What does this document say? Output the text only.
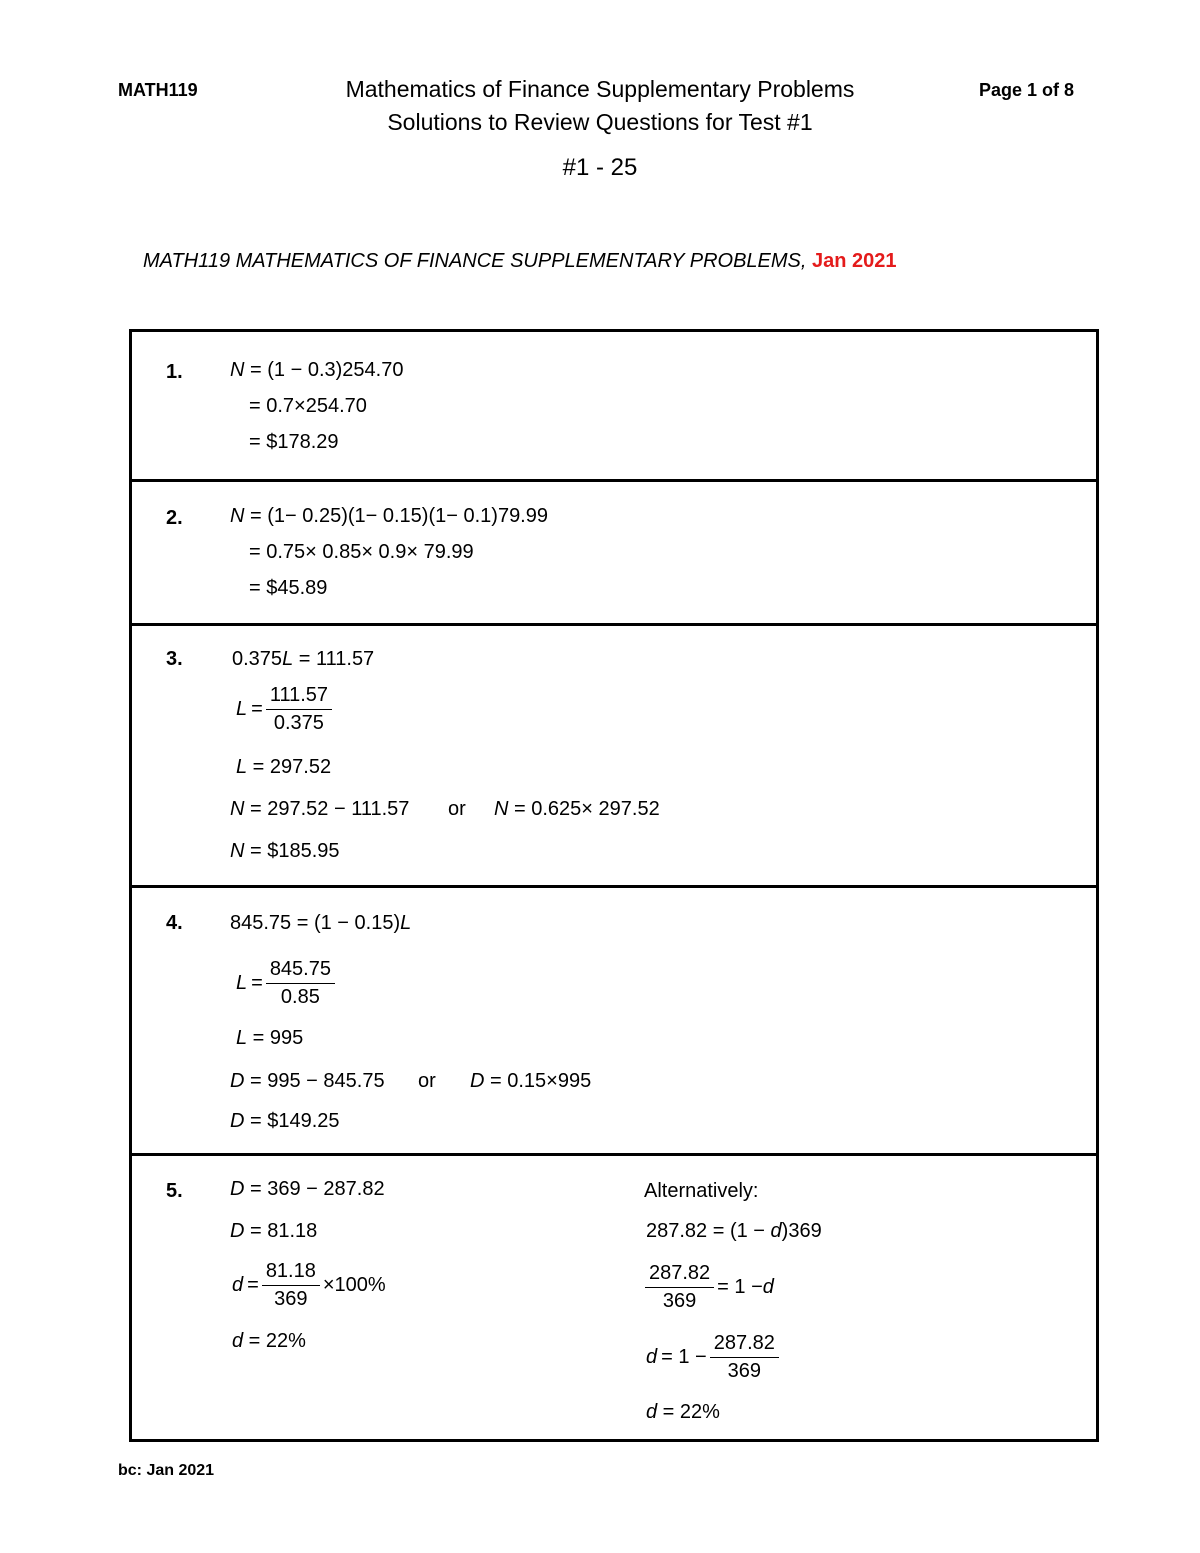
MATH119	Mathematics of Finance Supplementary Problems
Solutions to Review Questions for Test #1
#1 - 25
Page 1 of 8
MATH119 MATHEMATICS OF FINANCE SUPPLEMENTARY PROBLEMS, Jan 2021
1. N = (1 − 0.3)254.70
= 0.7×254.70
= $178.29
2. N = (1− 0.25)(1− 0.15)(1− 0.1)79.99
= 0.75× 0.85× 0.9× 79.99
= $45.89
3. 0.375L = 111.57
$L = \frac{111.57}{0.375}$
L = 297.52
N = 297.52 − 111.57 or N = 0.625× 297.52
N = $185.95
4. 845.75 = (1 − 0.15)L
$L = \frac{845.75}{0.85}$
L = 995
D = 995 − 845.75 or D = 0.15×995
D = $149.25
5. D = 369 − 287.82
D = 81.18
$d = \frac{81.18}{369} \times 100\%$
d = 22%
Alternatively:
287.82 = (1 − d)369
$\frac{287.82}{369} = 1 - d$
$d = 1 - \frac{287.82}{369}$
d = 22%
bc: Jan 2021
